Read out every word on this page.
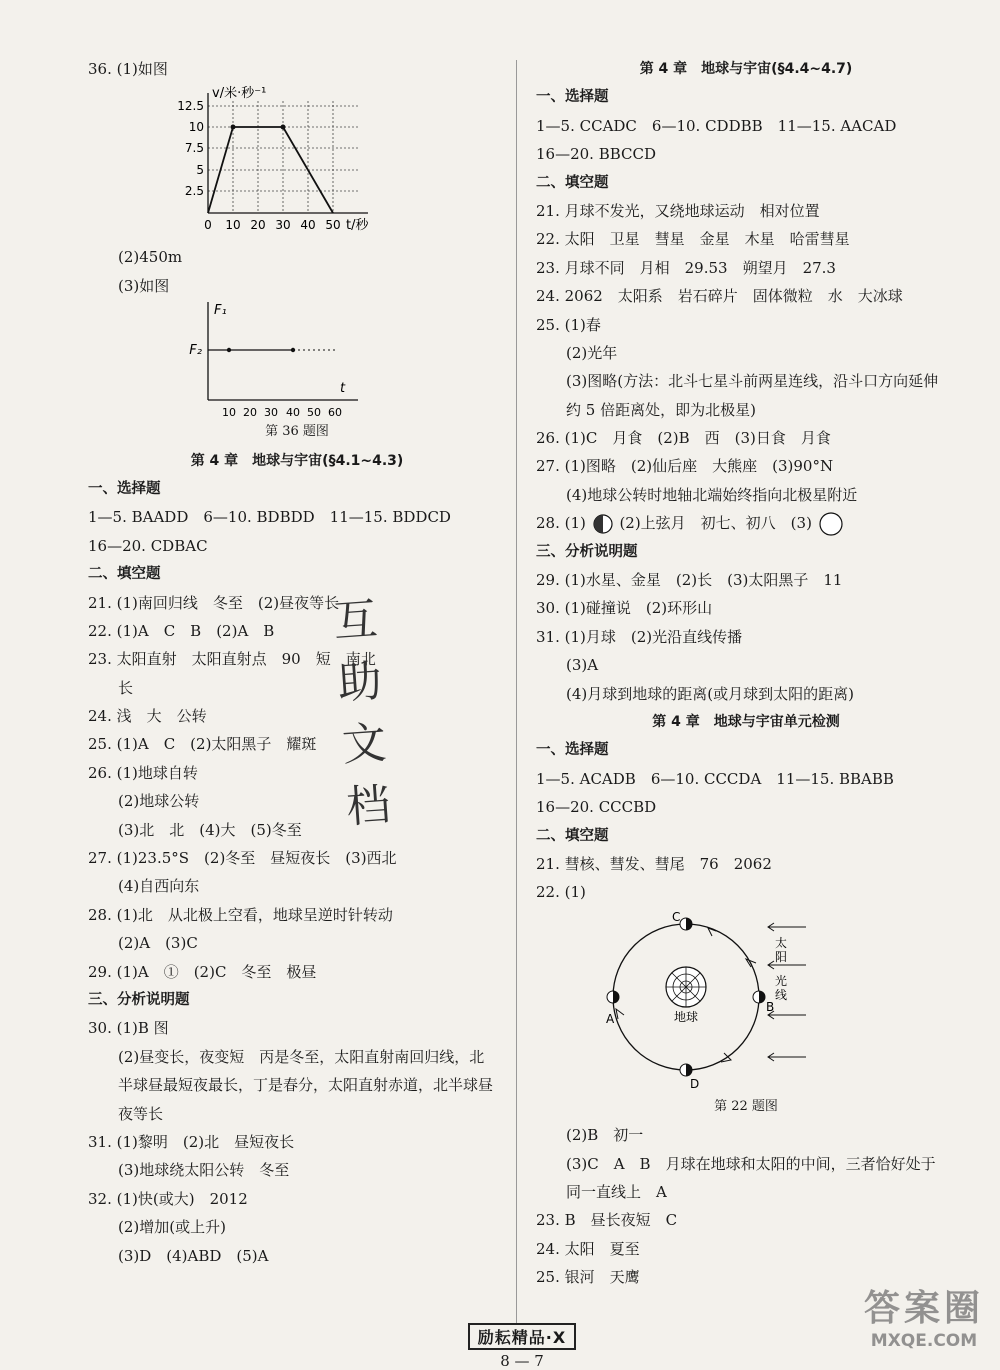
36. (1)如图
v/米·秒⁻¹
12.5
10
7.5
5
2.5
0 10 20 30 40 50 t/秒
(2)450m
(3)如图
F₁
F₂
t
10 20 30 40 50 60
第 36 题图
第 4 章　地球与宇宙(§4.1~4.3)
一、选择题
1—5. BAADD　6—10. BDBDD　11—15. BDDCD
16—20. CDBAC
二、填空题
21. (1)南回归线　冬至　(2)昼夜等长
22. (1)A　C　B　(2)A　B
23. 太阳直射　太阳直射点　90　短　南北
长
24. 浅　大　公转
25. (1)A　C　(2)太阳黑子　耀斑
26. (1)地球自转
(2)地球公转
(3)北　北　(4)大　(5)冬至
27. (1)23.5°S　(2)冬至　昼短夜长　(3)西北
(4)自西向东
28. (1)北　从北极上空看，地球呈逆时针转动
(2)A　(3)C
29. (1)A　①　(2)C　冬至　极昼
三、分析说明题
30. (1)B 图
(2)昼变长，夜变短　丙是冬至，太阳直射南回归线，北
半球昼最短夜最长，丁是春分，太阳直射赤道，北半球昼
夜等长
31. (1)黎明　(2)北　昼短夜长
(3)地球绕太阳公转　冬至
32. (1)快(或大)　2012
(2)增加(或上升)
(3)D　(4)ABD　(5)A
互
助
文
档
第 4 章　地球与宇宙(§4.4~4.7)
一、选择题
1—5. CCADC　6—10. CDDBB　11—15. AACAD
16—20. BBCCD
二、填空题
21. 月球不发光，又绕地球运动　相对位置
22. 太阳　卫星　彗星　金星　木星　哈雷彗星
23. 月球不同　月相　29.53　朔望月　27.3
24. 2062　太阳系　岩石碎片　固体微粒　水　大冰球
25. (1)春
(2)光年
(3)图略(方法：北斗七星斗前两星连线，沿斗口方向延伸
约 5 倍距离处，即为北极星)
26. (1)C　月食　(2)B　西　(3)日食　月食
27. (1)图略　(2)仙后座　大熊座　(3)90°N
(4)地球公转时地轴北端始终指向北极星附近
28. (1) (2)上弦月　初七、初八　(3)
三、分析说明题
29. (1)水星、金星　(2)长　(3)太阳黑子　11
30. (1)碰撞说　(2)环形山
31. (1)月球　(2)光沿直线传播
(3)A
(4)月球到地球的距离(或月球到太阳的距离)
第 4 章　地球与宇宙单元检测
一、选择题
1—5. ACADB　6—10. CCCDA　11—15. BBABB
16—20. CCCBD
二、填空题
21. 彗核、彗发、彗尾　76　2062
22. (1)
地球
C
A
B
D
太
阳
光
线
第 22 题图
(2)B　初一
(3)C　A　B　月球在地球和太阳的中间，三者恰好处于
同一直线上　A
23. B　昼长夜短　C
24. 太阳　夏至
25. 银河　天鹰
励耘精品·X
8 — 7
答案圈
MXQE.COM
